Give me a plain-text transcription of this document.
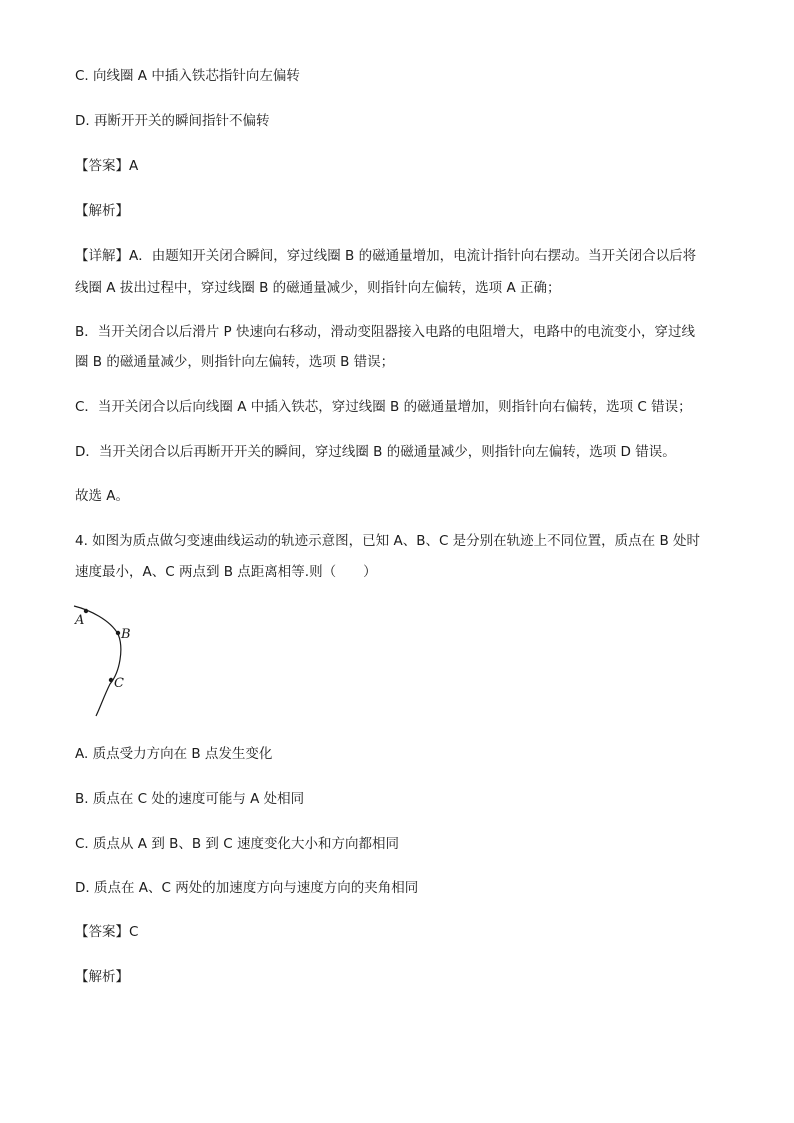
C. 向线圈 A 中插入铁芯指针向左偏转
D. 再断开开关的瞬间指针不偏转
【答案】A
【解析】
【详解】A．由题知开关闭合瞬间，穿过线圈 B 的磁通量增加，电流计指针向右摆动。当开关闭合以后将
线圈 A 拔出过程中，穿过线圈 B 的磁通量减少，则指针向左偏转，选项 A 正确；
B．当开关闭合以后滑片 P 快速向右移动，滑动变阻器接入电路的电阻增大，电路中的电流变小，穿过线
圈 B 的磁通量减少，则指针向左偏转，选项 B 错误；
C．当开关闭合以后向线圈 A 中插入铁芯，穿过线圈 B 的磁通量增加，则指针向右偏转，选项 C 错误；
D．当开关闭合以后再断开开关的瞬间，穿过线圈 B 的磁通量减少，则指针向左偏转，选项 D 错误。
故选 A。
4. 如图为质点做匀变速曲线运动的轨迹示意图，已知 A、B、C 是分别在轨迹上不同位置，质点在 B 处时
速度最小，A、C 两点到 B 点距离相等.则（　　）
A
B
C
A. 质点受力方向在 B 点发生变化
B. 质点在 C 处的速度可能与 A 处相同
C. 质点从 A 到 B、B 到 C 速度变化大小和方向都相同
D. 质点在 A、C 两处的加速度方向与速度方向的夹角相同
【答案】C
【解析】
